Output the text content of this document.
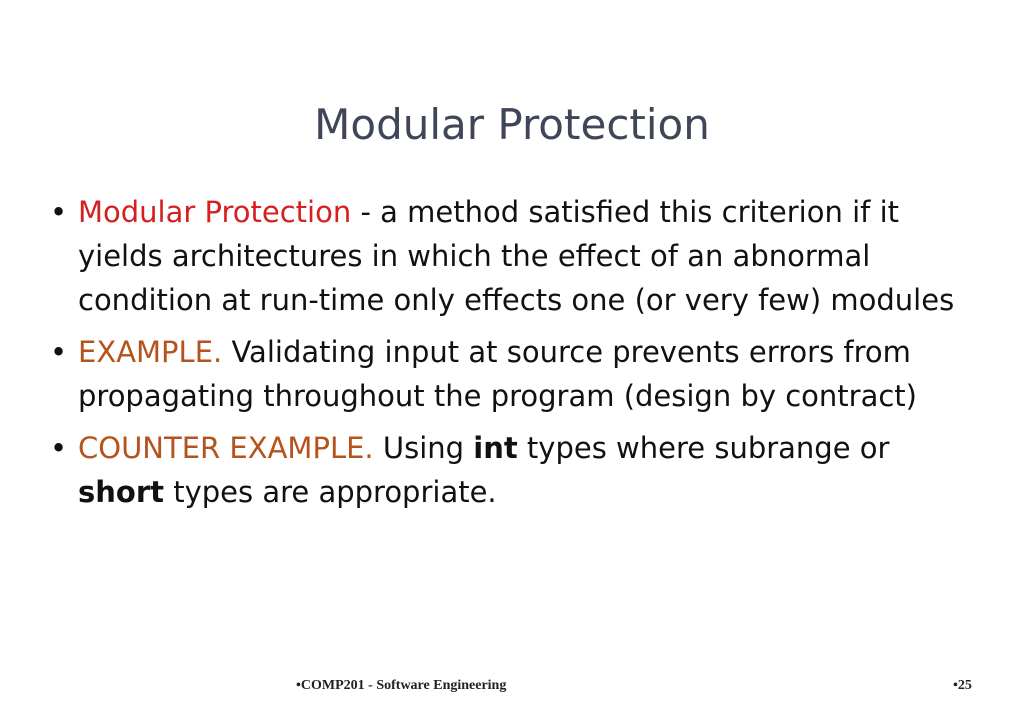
Modular Protection
• Modular Protection - a method satisfied this criterion if it yields architectures in which the effect of an abnormal condition at run-time only effects one (or very few) modules
• EXAMPLE. Validating input at source prevents errors from propagating throughout the program (design by contract)
• COUNTER EXAMPLE. Using int types where subrange or short types are appropriate.
•COMP201 - Software Engineering	•25
